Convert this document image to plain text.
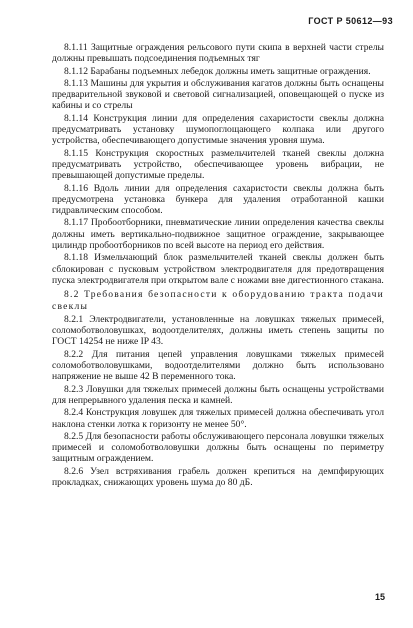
ГОСТ Р 50612—93

8.1.11 Защитные ограждения рельсового пути скипа в верхней части стрелы должны превышать подсоединения подъемных тяг

8.1.12 Барабаны подъемных лебедок должны иметь защитные ограждения.

8.1.13 Машины для укрытия и обслуживания кагатов должны быть оснащены предварительной звуковой и световой сигнализацией, оповещающей о пуске из кабины и со стрелы

8.1.14 Конструкция линии для определения сахаристости свеклы должна предусматривать установку шумопоглощающего колпака или другого устройства, обеспечивающего допустимые значения уровня шума.

8.1.15 Конструкция скоростных размельчителей тканей свеклы должна предусматривать устройство, обеспечивающее уровень вибрации, не превышающей допустимые пределы.

8.1.16 Вдоль линии для определения сахаристости свеклы должна быть предусмотрена установка бункера для удаления отработанной кашки гидравлическим способом.

8.1.17 Пробоотборники, пневматические линии определения качества свеклы должны иметь вертикально-подвижное защитное ограждение, закрывающее цилиндр пробоотборников по всей высоте на период его действия.

8.1.18 Измельчающий блок размельчителей тканей свеклы должен быть сблокирован с пусковым устройством электродвигателя для предотвращения пуска электродвигателя при открытом вале с ножами вне дигестионного стакана.

8.2 Требования безопасности к оборудованию тракта подачи свеклы

8.2.1 Электродвигатели, установленные на ловушках тяжелых примесей, соломоботволовушках, водоотделителях, должны иметь степень защиты по ГОСТ 14254 не ниже IP 43.

8.2.2 Для питания цепей управления ловушками тяжелых примесей соломоботволовушками, водоотделителями должно быть использовано напряжение не выше 42 В переменного тока.

8.2.3 Ловушки для тяжелых примесей должны быть оснащены устройствами для непрерывного удаления песка и камней.

8.2.4 Конструкция ловушек для тяжелых примесей должна обеспечивать угол наклона стенки лотка к горизонту не менее 50°.

8.2.5 Для безопасности работы обслуживающего персонала ловушки тяжелых примесей и соломоботволовушки должны быть оснащены по периметру защитным ограждением.

8.2.6 Узел встряхивания грабель должен крепиться на демпфирующих прокладках, снижающих уровень шума до 80 дБ.

15
